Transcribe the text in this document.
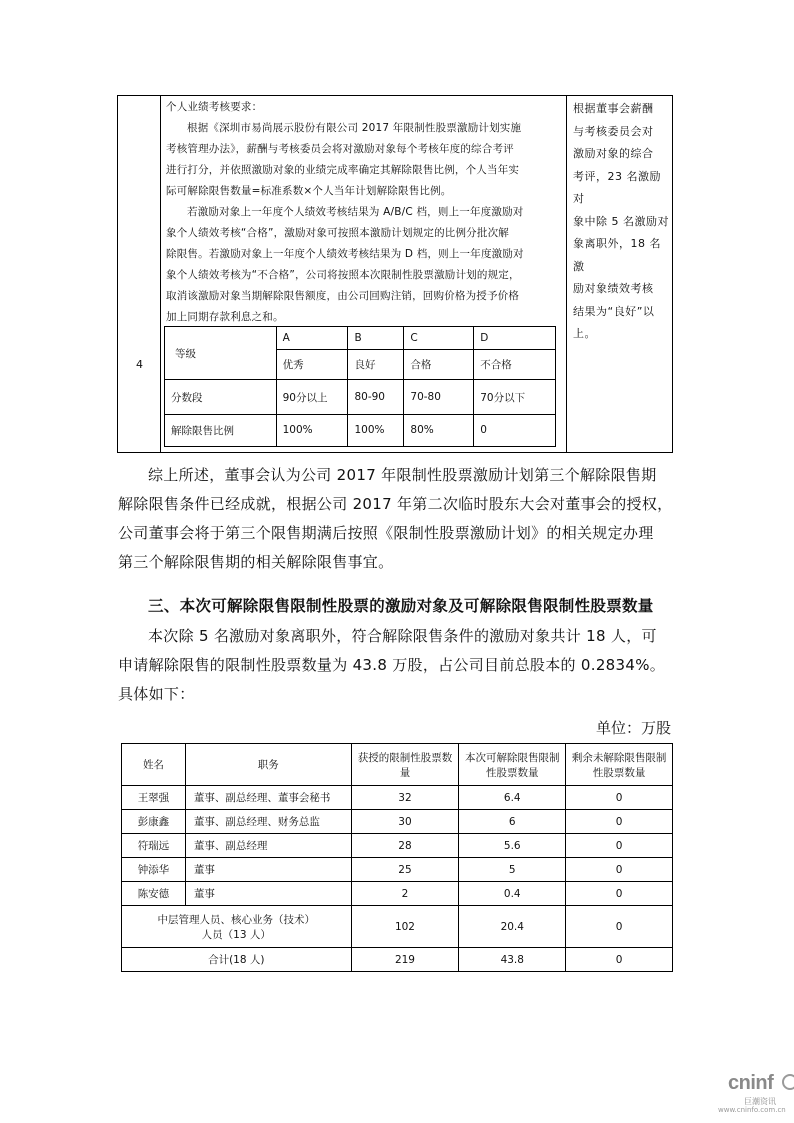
4
根据董事会薪酬
与考核委员会对
激励对象的综合
考评，23 名激励对
象中除 5 名激励对
象离职外，18 名激
励对象绩效考核
结果为“良好”以
上。
个人业绩考核要求：
根据《深圳市易尚展示股份有限公司 2017 年限制性股票激励计划实施
考核管理办法》，薪酬与考核委员会将对激励对象每个考核年度的综合考评
进行打分，并依照激励对象的业绩完成率确定其解除限售比例，个人当年实
际可解除限售数量=标准系数×个人当年计划解除限售比例。
若激励对象上一年度个人绩效考核结果为 A/B/C 档，则上一年度激励对
象个人绩效考核“合格”，激励对象可按照本激励计划规定的比例分批次解
除限售。若激励对象上一年度个人绩效考核结果为 D 档，则上一年度激励对
象个人绩效考核为“不合格”，公司将按照本次限制性股票激励计划的规定，
取消该激励对象当期解除限售额度，由公司回购注销，回购价格为授予价格
加上同期存款利息之和。
等级	A	B	C	D
	优秀	良好	合格	不合格
分数段	90分以上	80-90	70-80	70分以下
解除限售比例	100%	100%	80%	0
综上所述，董事会认为公司 2017 年限制性股票激励计划第三个解除限售期
解除限售条件已经成就，根据公司 2017 年第二次临时股东大会对董事会的授权，
公司董事会将于第三个限售期满后按照《限制性股票激励计划》的相关规定办理
第三个解除限售期的相关解除限售事宜。
三、本次可解除限售限制性股票的激励对象及可解除限售限制性股票数量
本次除 5 名激励对象离职外，符合解除限售条件的激励对象共计 18 人，可
申请解除限售的限制性股票数量为 43.8 万股，占公司目前总股本的 0.2834%。
具体如下：
单位：万股
姓名	职务	获授的限制性股票数量	本次可解除限售限制性股票数量	剩余未解除限售限制性股票数量
王翠强	董事、副总经理、董事会秘书	32	6.4	0
彭康鑫	董事、副总经理、财务总监	30	6	0
符瑞远	董事、副总经理	28	5.6	0
钟添华	董事	25	5	0
陈安德	董事	2	0.4	0

中层管理人员、核心业务（技术）
人员（13 人）		102	20.4	0
合计(18 人)		219	43.8	0
cninf
巨潮资讯
www.cninfo.com.cn
